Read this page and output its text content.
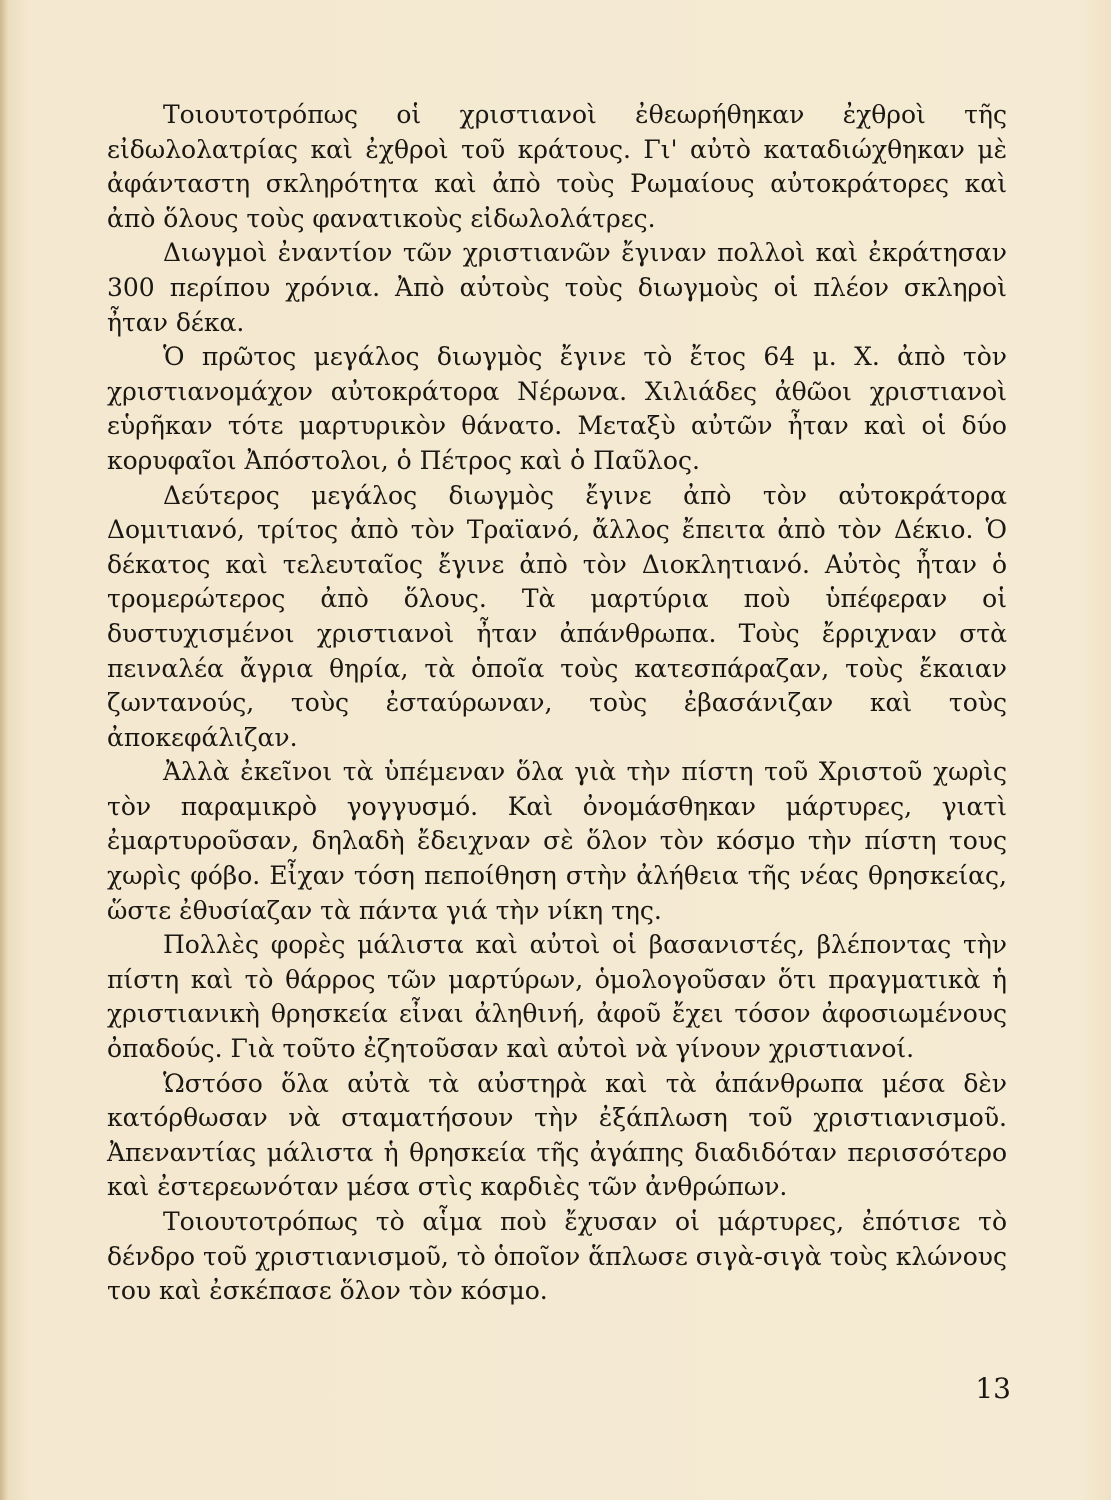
Τοιουτοτρόπως οἱ χριστιανοὶ ἐθεωρήθηκαν ἐχθροὶ τῆς εἰδωλολατρίας καὶ ἐχθροὶ τοῦ κράτους. Γι' αὐτὸ καταδιώχθηκαν μὲ ἀφάνταστη σκληρότητα καὶ ἀπὸ τοὺς Ρωμαίους αὐτοκράτορες καὶ ἀπὸ ὅλους τοὺς φανατικοὺς εἰδωλολάτρες.

Διωγμοὶ ἐναντίον τῶν χριστιανῶν ἔγιναν πολλοὶ καὶ ἐκράτησαν 300 περίπου χρόνια. Ἀπὸ αὐτοὺς τοὺς διωγμοὺς οἱ πλέον σκληροὶ ἦταν δέκα.

Ὁ πρῶτος μεγάλος διωγμὸς ἔγινε τὸ ἔτος 64 μ. Χ. ἀπὸ τὸν χριστιανομάχον αὐτοκράτορα Νέρωνα. Χιλιάδες ἀθῶοι χριστιανοὶ εὑρῆκαν τότε μαρτυρικὸν θάνατο. Μεταξὺ αὐτῶν ἦταν καὶ οἱ δύο κορυφαῖοι Ἀπόστολοι, ὁ Πέτρος καὶ ὁ Παῦλος.

Δεύτερος μεγάλος διωγμὸς ἔγινε ἀπὸ τὸν αὐτοκράτορα Δομιτιανό, τρίτος ἀπὸ τὸν Τραϊανό, ἄλλος ἔπειτα ἀπὸ τὸν Δέκιο. Ὁ δέκατος καὶ τελευταῖος ἔγινε ἀπὸ τὸν Διοκλητιανό. Αὐτὸς ἦταν ὁ τρομερώτερος ἀπὸ ὅλους. Τὰ μαρτύρια ποὺ ὑπέφεραν οἱ δυστυχισμένοι χριστιανοὶ ἦταν ἀπάνθρωπα. Τοὺς ἔρριχναν στὰ πειναλέα ἄγρια θηρία, τὰ ὁποῖα τοὺς κατεσπάραζαν, τοὺς ἔκαιαν ζωντανούς, τοὺς ἐσταύρωναν, τοὺς ἐβασάνιζαν καὶ τοὺς ἀποκεφάλιζαν.

Ἀλλὰ ἐκεῖνοι τὰ ὑπέμεναν ὅλα γιὰ τὴν πίστη τοῦ Χριστοῦ χωρὶς τὸν παραμικρὸ γογγυσμό. Καὶ ὀνομάσθηκαν μάρτυρες, γιατὶ ἐμαρτυροῦσαν, δηλαδὴ ἔδειχναν σὲ ὅλον τὸν κόσμο τὴν πίστη τους χωρὶς φόβο. Εἶχαν τόση πεποίθηση στὴν ἀλήθεια τῆς νέας θρησκείας, ὥστε ἐθυσίαζαν τὰ πάντα γιά τὴν νίκη της.

Πολλὲς φορὲς μάλιστα καὶ αὐτοὶ οἱ βασανιστές, βλέποντας τὴν πίστη καὶ τὸ θάρρος τῶν μαρτύρων, ὁμολογοῦσαν ὅτι πραγματικὰ ἡ χριστιανικὴ θρησκεία εἶναι ἀληθινή, ἀφοῦ ἔχει τόσον ἀφοσιωμένους ὀπαδούς. Γιὰ τοῦτο ἐζητοῦσαν καὶ αὐτοὶ νὰ γίνουν χριστιανοί.

Ὡστόσο ὅλα αὐτὰ τὰ αὐστηρὰ καὶ τὰ ἀπάνθρωπα μέσα δὲν κατόρθωσαν νὰ σταματήσουν τὴν ἐξάπλωση τοῦ χριστιανισμοῦ. Ἀπεναντίας μάλιστα ἡ θρησκεία τῆς ἀγάπης διαδιδόταν περισσότερο καὶ ἐστερεωνόταν μέσα στὶς καρδιὲς τῶν ἀνθρώπων.

Τοιουτοτρόπως τὸ αἷμα ποὺ ἔχυσαν οἱ μάρτυρες, ἐπότισε τὸ δένδρο τοῦ χριστιανισμοῦ, τὸ ὁποῖον ἅπλωσε σιγὰ-σιγὰ τοὺς κλώνους του καὶ ἐσκέπασε ὅλον τὸν κόσμο.

13
